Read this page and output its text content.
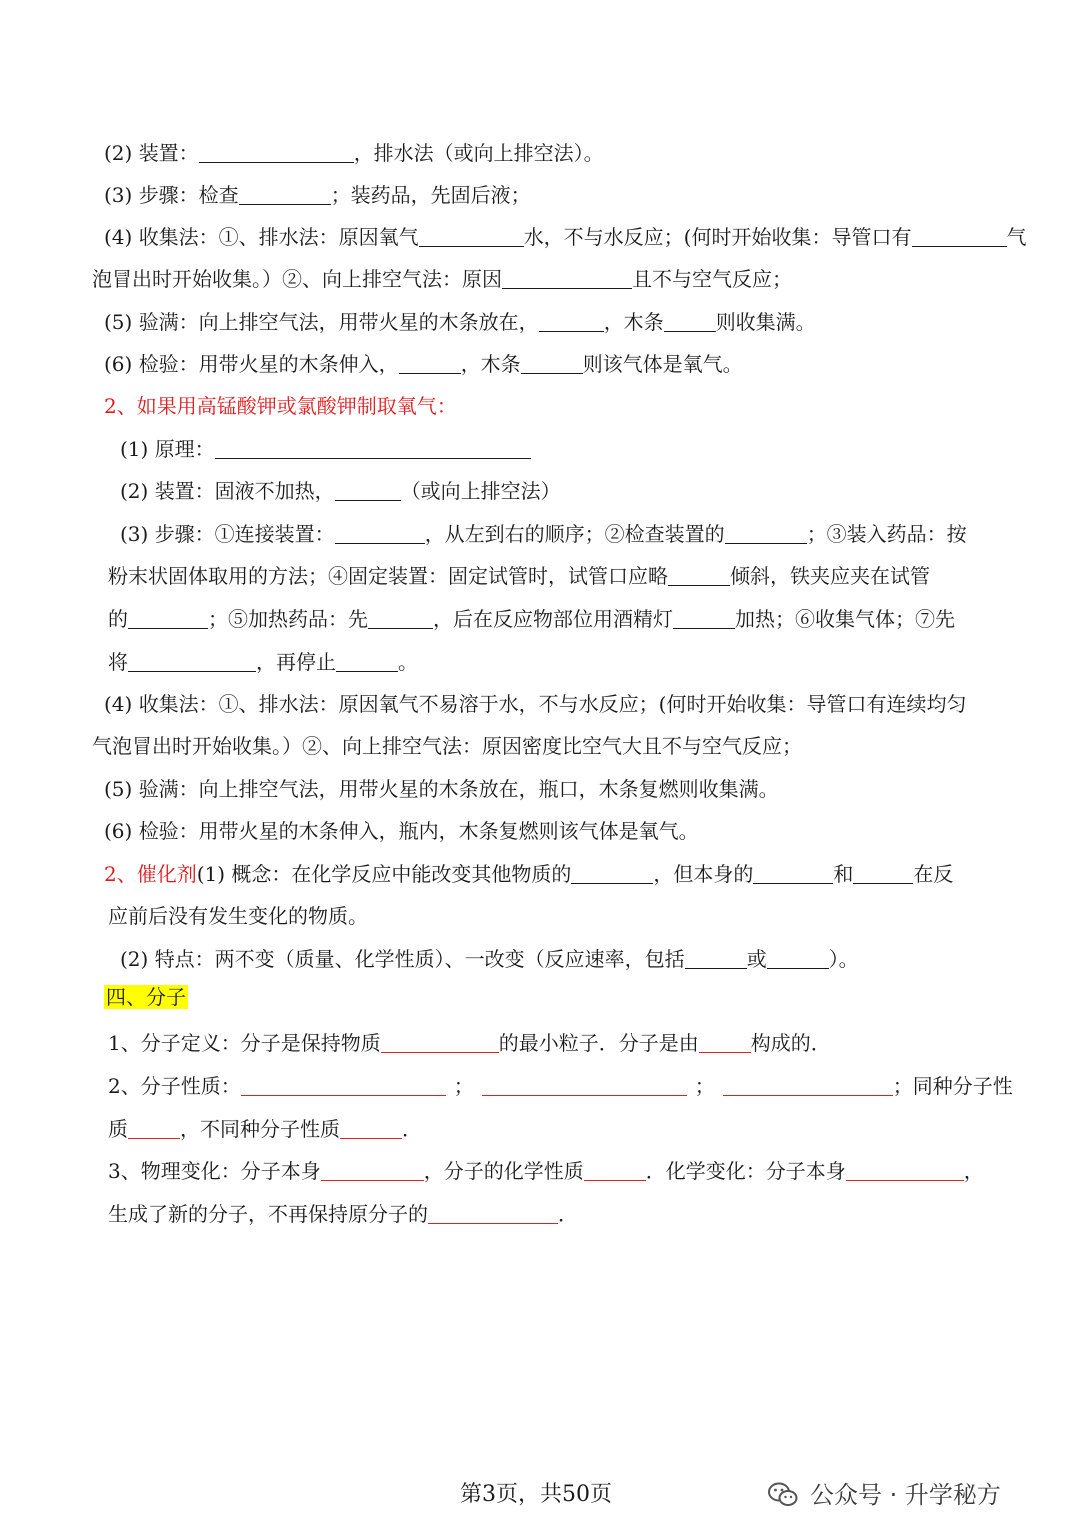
(2) 装置：	，排水法（或向上排空法）。
(3) 步骤：检查	；装药品，先固后液；
(4) 收集法：①、排水法：原因氧气	水，不与水反应；(何时开始收集：导管口有	气
泡冒出时开始收集。）②、向上排空气法：原因	且不与空气反应；
(5) 验满：向上排空气法，用带火星的木条放在，	，木条	则收集满。
(6) 检验：用带火星的木条伸入，	，木条	则该气体是氧气。
2、如果用高锰酸钾或氯酸钾制取氧气：
(1) 原理：
(2) 装置：固液不加热，	（或向上排空法）
(3) 步骤：①连接装置：	，从左到右的顺序；②检查装置的	；③装入药品：按
粉末状固体取用的方法；④固定装置：固定试管时，试管口应略	倾斜，铁夹应夹在试管
的	；⑤加热药品：先	，后在反应物部位用酒精灯	加热；⑥收集气体；⑦先
将	，再停止	。
(4) 收集法：①、排水法：原因氧气不易溶于水，不与水反应；(何时开始收集：导管口有连续均匀
气泡冒出时开始收集。）②、向上排空气法：原因密度比空气大且不与空气反应；
(5) 验满：向上排空气法，用带火星的木条放在，瓶口，木条复燃则收集满。
(6) 检验：用带火星的木条伸入，瓶内，木条复燃则该气体是氧气。
2、催化剂(1) 概念：在化学反应中能改变其他物质的	，但本身的	和	在反
应前后没有发生变化的物质。
(2) 特点：两不变（质量、化学性质）、一改变（反应速率，包括	或	）。
四、分子
1、分子定义：分子是保持物质	的最小粒子．分子是由	构成的．
2、分子性质：	；	；	；同种分子性
质	，不同种分子性质	．
3、物理变化：分子本身	，分子的化学性质	．化学变化：分子本身	，
生成了新的分子，不再保持原分子的	．
第3页，共50页	公众号 · 升学秘方
